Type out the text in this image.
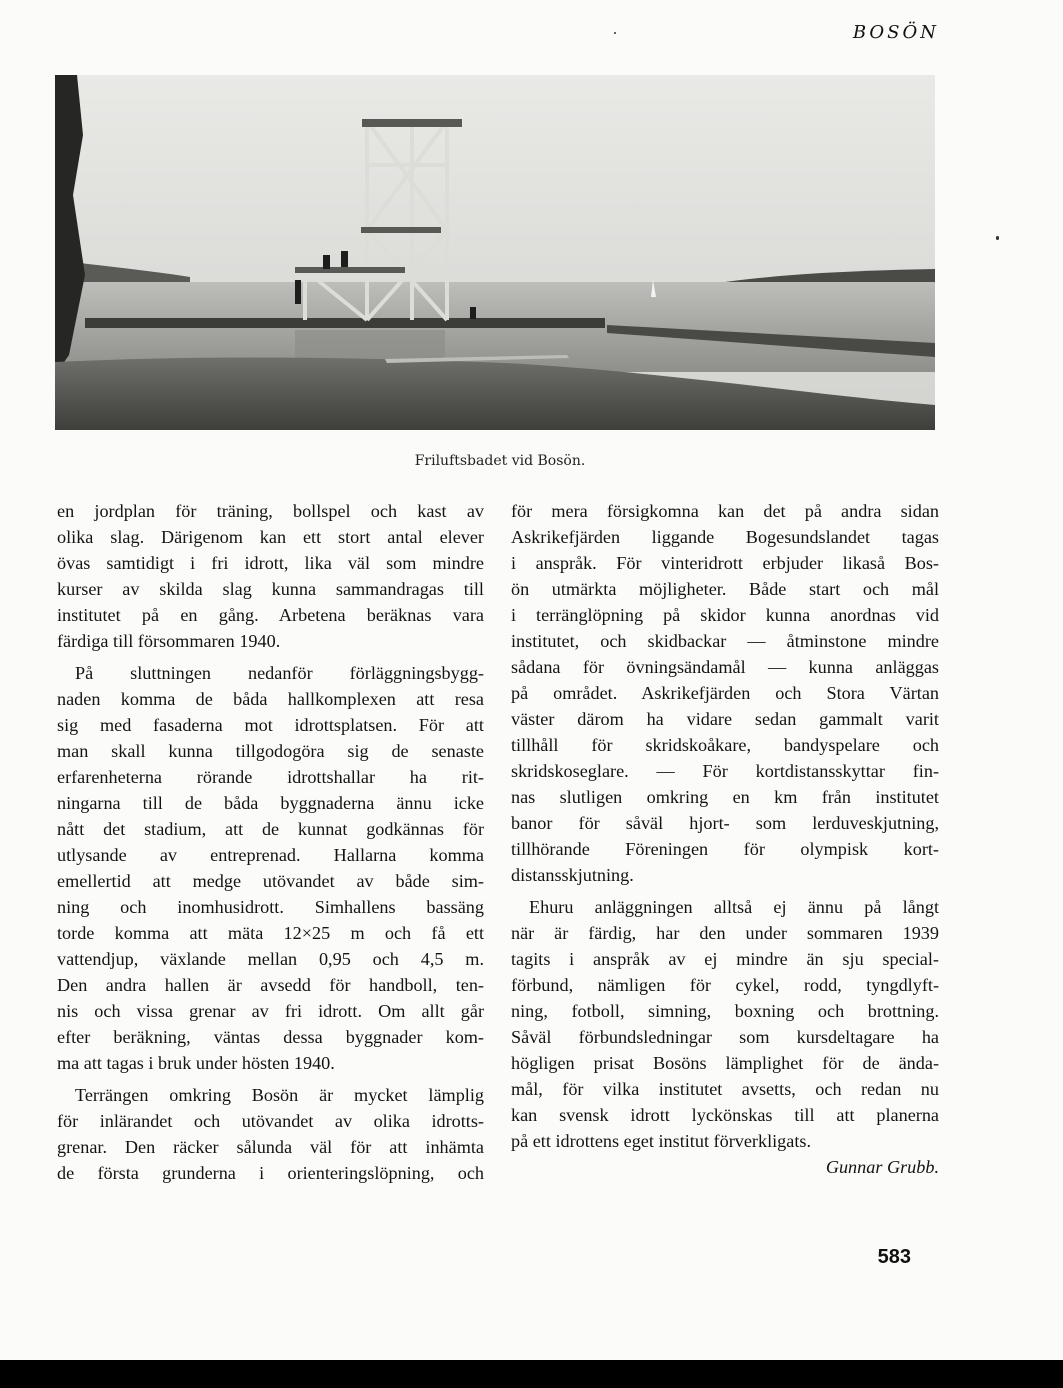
BOSÖN
Friluftsbadet vid Bosön.
en jordplan för träning, bollspel och kast av
olika slag. Därigenom kan ett stort antal elever
övas samtidigt i fri idrott, lika väl som mindre
kurser av skilda slag kunna sammandragas till
institutet på en gång. Arbetena beräknas vara
färdiga till försommaren 1940.
På sluttningen nedanför förläggningsbygg-
naden komma de båda hallkomplexen att resa
sig med fasaderna mot idrottsplatsen. För att
man skall kunna tillgodogöra sig de senaste
erfarenheterna rörande idrottshallar ha rit-
ningarna till de båda byggnaderna ännu icke
nått det stadium, att de kunnat godkännas för
utlysande av entreprenad. Hallarna komma
emellertid att medge utövandet av både sim-
ning och inomhusidrott. Simhallens bassäng
torde komma att mäta 12×25 m och få ett
vattendjup, växlande mellan 0,95 och 4,5 m.
Den andra hallen är avsedd för handboll, ten-
nis och vissa grenar av fri idrott. Om allt går
efter beräkning, väntas dessa byggnader kom-
ma att tagas i bruk under hösten 1940.
Terrängen omkring Bosön är mycket lämplig
för inlärandet och utövandet av olika idrotts-
grenar. Den räcker sålunda väl för att inhämta
de första grunderna i orienteringslöpning, och
för mera försigkomna kan det på andra sidan
Askrikefjärden liggande Bogesundslandet tagas
i anspråk. För vinteridrott erbjuder likaså Bos-
ön utmärkta möjligheter. Både start och mål
i terränglöpning på skidor kunna anordnas vid
institutet, och skidbackar — åtminstone mindre
sådana för övningsändamål — kunna anläggas
på området. Askrikefjärden och Stora Värtan
väster därom ha vidare sedan gammalt varit
tillhåll för skridskoåkare, bandyspelare och
skridskoseglare. — För kortdistansskyttar fin-
nas slutligen omkring en km från institutet
banor för såväl hjort- som lerduveskjutning,
tillhörande Föreningen för olympisk kort-
distansskjutning.
Ehuru anläggningen alltså ej ännu på långt
när är färdig, har den under sommaren 1939
tagits i anspråk av ej mindre än sju special-
förbund, nämligen för cykel, rodd, tyngdlyft-
ning, fotboll, simning, boxning och brottning.
Såväl förbundsledningar som kursdeltagare ha
högligen prisat Bosöns lämplighet för de ända-
mål, för vilka institutet avsetts, och redan nu
kan svensk idrott lyckönskas till att planerna
på ett idrottens eget institut förverkligats.
Gunnar Grubb.
583
